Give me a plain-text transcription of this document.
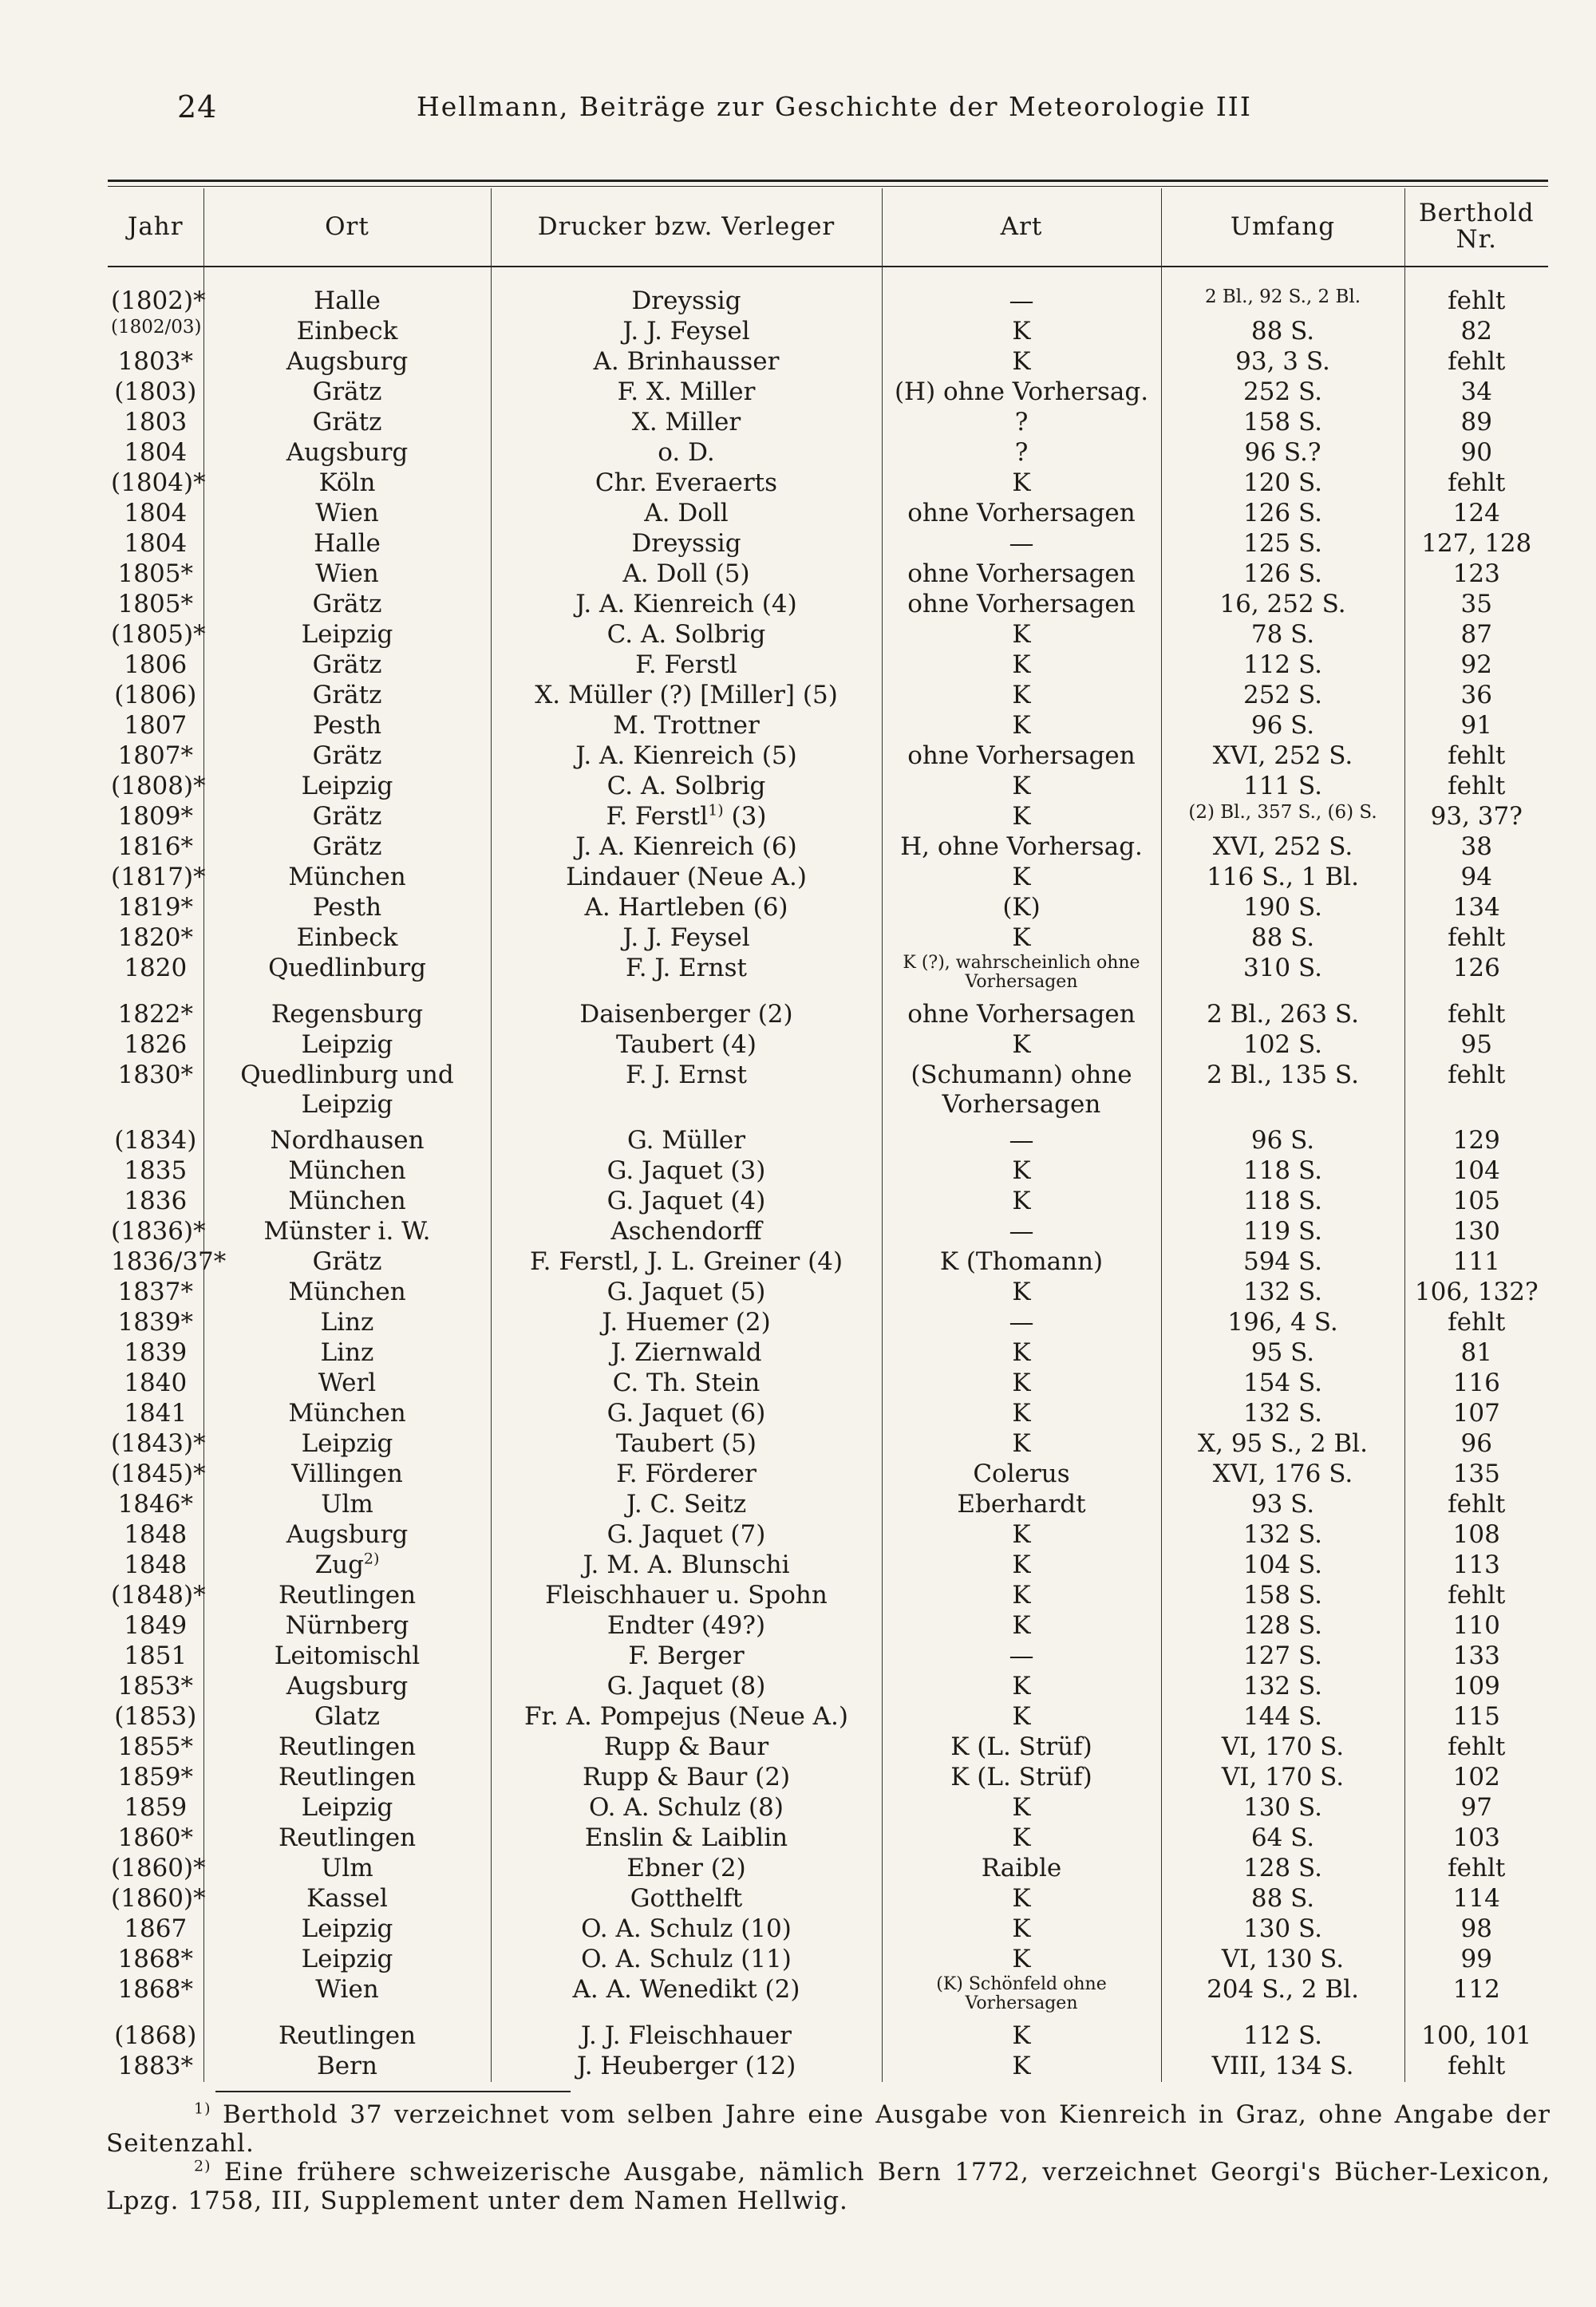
24	Hellmann, Beiträge zur Geschichte der Meteorologie III
Jahr	Ort	Drucker bzw. Verleger	Art	Umfang	Berthold Nr.

(1802)*	Halle	Dreyssig	—	2 Bl., 92 S., 2 Bl.	fehlt
(1802/03)	Einbeck	J. J. Feysel	K	88 S.	82
1803*	Augsburg	A. Brinhausser	K	93, 3 S.	fehlt
(1803)	Grätz	F. X. Miller	(H) ohne Vorhersag.	252 S.	34
1803	Grätz	X. Miller	?	158 S.	89
1804	Augsburg	o. D.	?	96 S.?	90
(1804)*	Köln	Chr. Everaerts	K	120 S.	fehlt
1804	Wien	A. Doll	ohne Vorhersagen	126 S.	124
1804	Halle	Dreyssig	—	125 S.	127, 128
1805*	Wien	A. Doll (5)	ohne Vorhersagen	126 S.	123
1805*	Grätz	J. A. Kienreich (4)	ohne Vorhersagen	16, 252 S.	35
(1805)*	Leipzig	C. A. Solbrig	K	78 S.	87
1806	Grätz	F. Ferstl	K	112 S.	92
(1806)	Grätz	X. Müller (?) [Miller] (5)	K	252 S.	36
1807	Pesth	M. Trottner	K	96 S.	91
1807*	Grätz	J. A. Kienreich (5)	ohne Vorhersagen	XVI, 252 S.	fehlt
(1808)*	Leipzig	C. A. Solbrig	K	111 S.	fehlt
1809*	Grätz	F. Ferstl$^{1)}$ (3)	K	(2) Bl., 357 S., (6) S.	93, 37?
1816*	Grätz	J. A. Kienreich (6)	H, ohne Vorhersag.	XVI, 252 S.	38
(1817)*	München	Lindauer (Neue A.)	K	116 S., 1 Bl.	94
1819*	Pesth	A. Hartleben (6)	(K)	190 S.	134
1820*	Einbeck	J. J. Feysel	K	88 S.	fehlt
1820	Quedlinburg	F. J. Ernst	K (?), wahrscheinlich ohne Vorhersagen	310 S.	126
1822*	Regensburg	Daisenberger (2)	ohne Vorhersagen	2 Bl., 263 S.	fehlt
1826	Leipzig	Taubert (4)	K	102 S.	95
1830*	Quedlinburg und Leipzig	F. J. Ernst	(Schumann) ohne Vorhersagen	2 Bl., 135 S.	fehlt
(1834)	Nordhausen	G. Müller	—	96 S.	129
1835	München	G. Jaquet (3)	K	118 S.	104
1836	München	G. Jaquet (4)	K	118 S.	105
(1836)*	Münster i. W.	Aschendorff	—	119 S.	130
1836/37*	Grätz	F. Ferstl, J. L. Greiner (4)	K (Thomann)	594 S.	111
1837*	München	G. Jaquet (5)	K	132 S.	106, 132?
1839*	Linz	J. Huemer (2)	—	196, 4 S.	fehlt
1839	Linz	J. Ziernwald	K	95 S.	81
1840	Werl	C. Th. Stein	K	154 S.	116
1841	München	G. Jaquet (6)	K	132 S.	107
(1843)*	Leipzig	Taubert (5)	K	X, 95 S., 2 Bl.	96
(1845)*	Villingen	F. Förderer	Colerus	XVI, 176 S.	135
1846*	Ulm	J. C. Seitz	Eberhardt	93 S.	fehlt
1848	Augsburg	G. Jaquet (7)	K	132 S.	108
1848	Zug$^{2)}$	J. M. A. Blunschi	K	104 S.	113
(1848)*	Reutlingen	Fleischhauer u. Spohn	K	158 S.	fehlt
1849	Nürnberg	Endter (49?)	K	128 S.	110
1851	Leitomischl	F. Berger	—	127 S.	133
1853*	Augsburg	G. Jaquet (8)	K	132 S.	109
(1853)	Glatz	Fr. A. Pompejus (Neue A.)	K	144 S.	115
1855*	Reutlingen	Rupp & Baur	K (L. Strüf)	VI, 170 S.	fehlt
1859*	Reutlingen	Rupp & Baur (2)	K (L. Strüf)	VI, 170 S.	102
1859	Leipzig	O. A. Schulz (8)	K	130 S.	97
1860*	Reutlingen	Enslin & Laiblin	K	64 S.	103
(1860)*	Ulm	Ebner (2)	Raible	128 S.	fehlt
(1860)*	Kassel	Gotthelft	K	88 S.	114
1867	Leipzig	O. A. Schulz (10)	K	130 S.	98
1868*	Leipzig	O. A. Schulz (11)	K	VI, 130 S.	99
1868*	Wien	A. A. Wenedikt (2)	(K) Schönfeld ohne Vorhersagen	204 S., 2 Bl.	112
(1868)	Reutlingen	J. J. Fleischhauer	K	112 S.	100, 101
1883*	Bern	J. Heuberger (12)	K	VIII, 134 S.	fehlt

$^{1)}$ Berthold 37 verzeichnet vom selben Jahre eine Ausgabe von Kienreich in Graz, ohne Angabe der Seitenzahl.

$^{2)}$ Eine frühere schweizerische Ausgabe, nämlich Bern 1772, verzeichnet Georgi's Bücher-Lexicon, Lpzg. 1758, III, Supplement unter dem Namen Hellwig.
